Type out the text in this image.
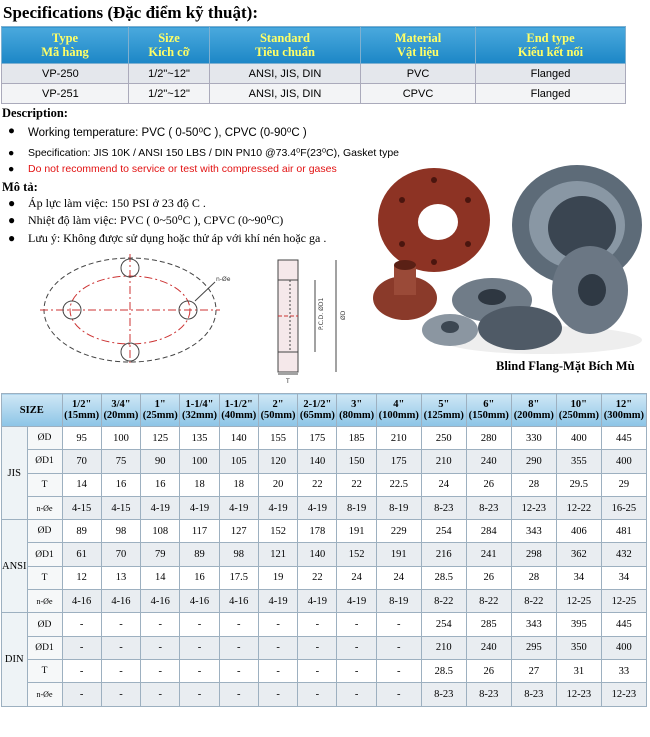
Specifications (Đặc điểm kỹ thuật):
Type
Mã hàng	Size
Kích cỡ	Standard
Tiêu chuẩn	Material
Vật liệu	End type
Kiểu kết nối
VP-250	1/2"~12"	ANSI, JIS, DIN	PVC	Flanged
VP-251	1/2"~12"	ANSI, JIS, DIN	CPVC	Flanged
Description:
● Working temperature: PVC ( 0-50⁰C ), CPVC (0-90⁰C )
● Specification: JIS 10K / ANSI 150 LBS / DIN PN10 @73.4⁰F(23⁰C), Gasket type
● Do not recommend to service or test with compressed air or gases
Mô tả:
● Áp lực làm việc: 150 PSI ở 23 độ C .
● Nhiệt độ làm việc: PVC ( 0~50⁰C ), CPVC (0~90⁰C)
● Lưu ý: Không được sử dụng hoặc thử áp với khí nén hoặc ga .
n-Øe
P.C.D. ØD1	ØD
T
Blind Flang-Mặt Bích Mù
SIZE		1/2"
(15mm)	3/4"
(20mm)	1"
(25mm)	1-1/4"
(32mm)	1-1/2"
(40mm)	2"
(50mm)	2-1/2"
(65mm)	3"
(80mm)	4"
(100mm)	5"
(125mm)	6"
(150mm)	8"
(200mm)	10"
(250mm)	12"
(300mm)
JIS	ØD	95	100	125	135	140	155	175	185	210	250	280	330	400	445
	ØD1	70	75	90	100	105	120	140	150	175	210	240	290	355	400
	T	14	16	16	18	18	20	22	22	22.5	24	26	28	29.5	29
	n-Øe	4-15	4-15	4-19	4-19	4-19	4-19	4-19	8-19	8-19	8-23	8-23	12-23	12-22	16-25
ANSI	ØD	89	98	108	117	127	152	178	191	229	254	284	343	406	481
	ØD1	61	70	79	89	98	121	140	152	191	216	241	298	362	432
	T	12	13	14	16	17.5	19	22	24	24	28.5	26	28	34	34
	n-Øe	4-16	4-16	4-16	4-16	4-16	4-19	4-19	4-19	8-19	8-22	8-22	8-22	12-25	12-25
DIN	ØD	-	-	-	-	-	-	-	-	-	254	285	343	395	445
	ØD1	-	-	-	-	-	-	-	-	-	210	240	295	350	400
	T	-	-	-	-	-	-	-	-	-	28.5	26	27	31	33
	n-Øe	-	-	-	-	-	-	-	-	-	8-23	8-23	8-23	12-23	12-23
